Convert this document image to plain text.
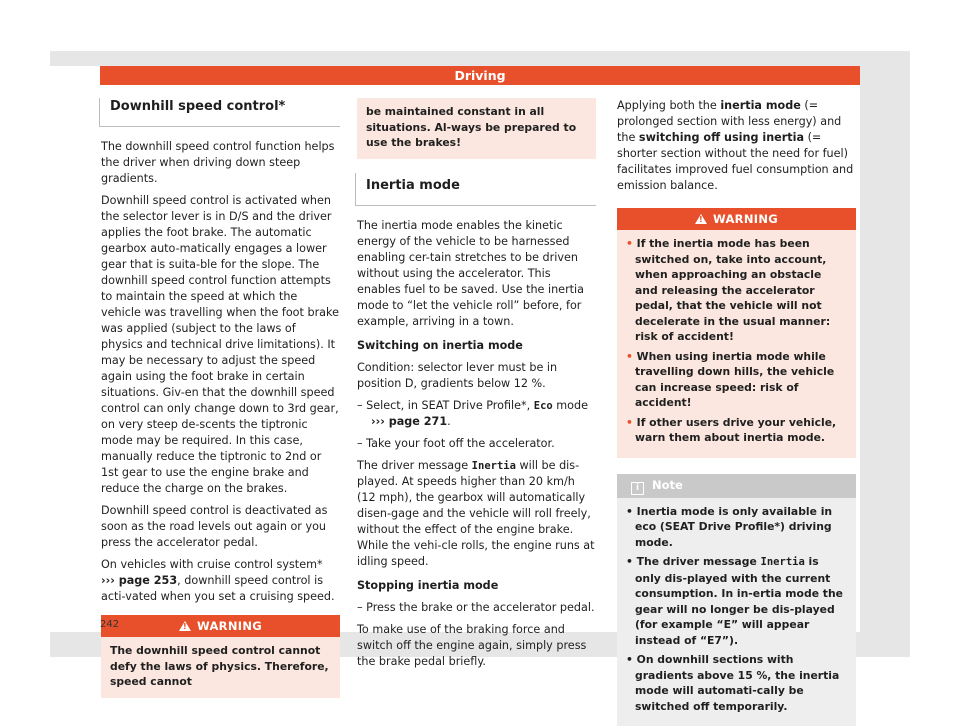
Driving
Downhill speed control*

The downhill speed control function helps the driver when driving down steep gradients.

Downhill speed control is activated when the selector lever is in D/S and the driver applies the foot brake. The automatic gearbox auto-matically engages a lower gear that is suita-ble for the slope. The downhill speed control function attempts to maintain the speed at which the vehicle was travelling when the foot brake was applied (subject to the laws of physics and technical drive limitations). It may be necessary to adjust the speed again using the foot brake in certain situations. Giv-en that the downhill speed control can only change down to 3rd gear, on very steep de-scents the tiptronic mode may be required. In this case, manually reduce the tiptronic to 2nd or 1st gear to use the engine brake and reduce the charge on the brakes.

Downhill speed control is deactivated as soon as the road levels out again or you press the accelerator pedal.

On vehicles with cruise control system*
››› page 253, downhill speed control is acti-vated when you set a cruising speed.

!WARNING
The downhill speed control cannot defy the laws of physics. Therefore, speed cannot
be maintained constant in all situations. Al-ways be prepared to use the brakes!
Inertia mode

The inertia mode enables the kinetic energy of the vehicle to be harnessed enabling cer-tain stretches to be driven without using the accelerator. This enables fuel to be saved. Use the inertia mode to “let the vehicle roll” before, for example, arriving in a town.

Switching on inertia mode

Condition: selector lever must be in position D, gradients below 12 %.

– Select, in SEAT Drive Profile*, Eco mode ››› page 271.

– Take your foot off the accelerator.

The driver message Inertia will be dis-played. At speeds higher than 20 km/h (12 mph), the gearbox will automatically disen-gage and the vehicle will roll freely, without the effect of the engine brake. While the vehi-cle rolls, the engine runs at idling speed.

Stopping inertia mode

– Press the brake or the accelerator pedal.

To make use of the braking force and switch off the engine again, simply press the brake pedal briefly.

Applying both the inertia mode (= prolonged section with less energy) and the switching off using inertia (= shorter section without the need for fuel) facilitates improved fuel consumption and emission balance.

!WARNING
• If the inertia mode has been switched on, take into account, when approaching an obstacle and releasing the accelerator pedal, that the vehicle will not decelerate in the usual manner: risk of accident!
• When using inertia mode while travelling down hills, the vehicle can increase speed: risk of accident!
• If other users drive your vehicle, warn them about inertia mode.
i Note
• Inertia mode is only available in eco (SEAT Drive Profile*) driving mode.
• The driver message Inertia is only dis-played with the current consumption. In in-ertia mode the gear will no longer be dis-played (for example “E” will appear instead of “E7”).
• On downhill sections with gradients above 15 %, the inertia mode will automati-cally be switched off temporarily.
242
